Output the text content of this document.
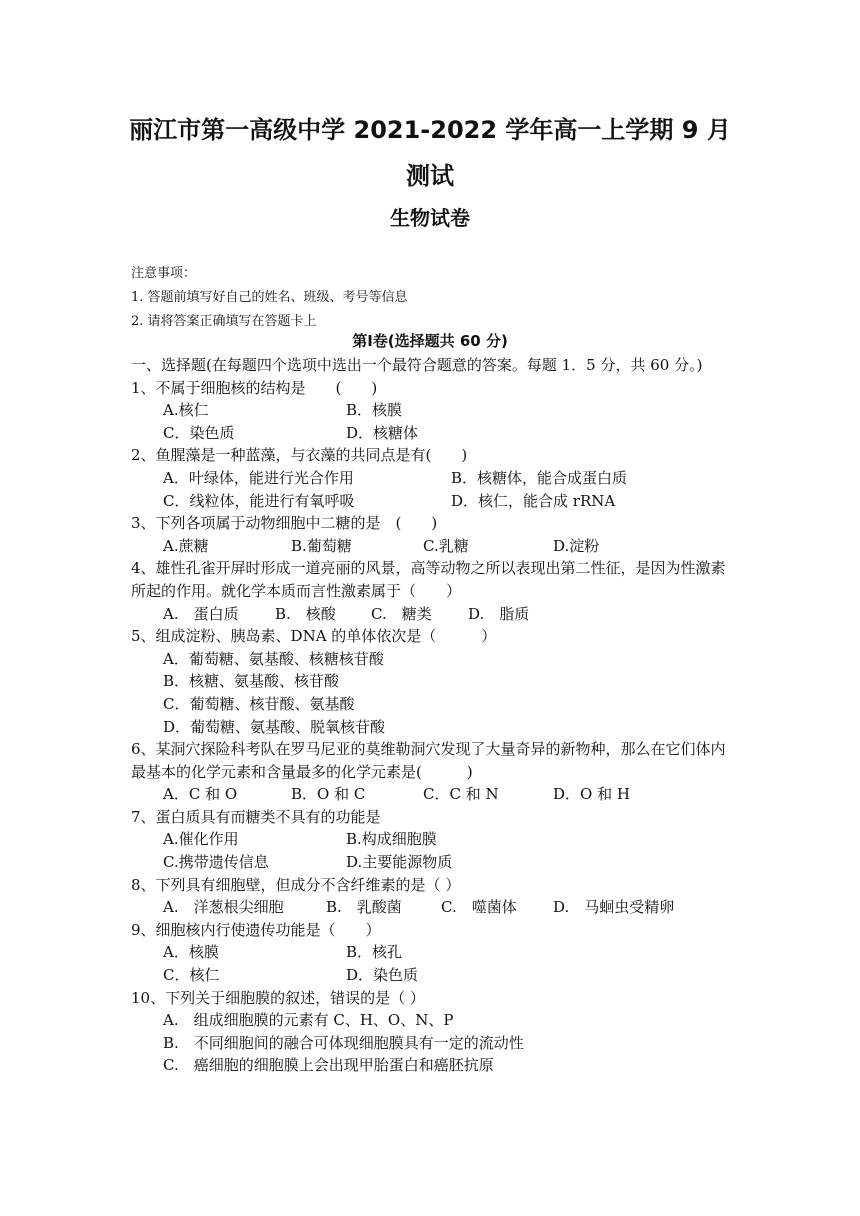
丽江市第一高级中学 2021-2022 学年高一上学期 9 月测试
生物试卷
注意事项：
1. 答题前填写好自己的姓名、班级、考号等信息
2. 请将答案正确填写在答题卡上
第Ⅰ卷(选择题共 60 分)
一、选择题(在每题四个选项中选出一个最符合题意的答案。每题 1．5 分，共 60 分。)
1、不属于细胞核的结构是　　(　　)
A.核仁	B．核膜
C．染色质	D．核糖体
2、鱼腥藻是一种蓝藻，与衣藻的共同点是有(　　)
A．叶绿体，能进行光合作用	B．核糖体，能合成蛋白质
C．线粒体，能进行有氧呼吸	D．核仁，能合成 rRNA
3、下列各项属于动物细胞中二糖的是　(　　)
A.蔗糖	B.葡萄糖	C.乳糖	D.淀粉
4、雄性孔雀开屏时形成一道亮丽的风景，高等动物之所以表现出第二性征，是因为性激素所起的作用。就化学本质而言性激素属于（　　）
A.　蛋白质 B.　核酸 C.　糖类 D.　脂质
5、组成淀粉、胰岛素、DNA 的单体依次是（　　　）
A．葡萄糖、氨基酸、核糖核苷酸
B．核糖、氨基酸、核苷酸
C．葡萄糖、核苷酸、氨基酸
D．葡萄糖、氨基酸、脱氧核苷酸
6、某洞穴探险科考队在罗马尼亚的莫维勒洞穴发现了大量奇异的新物种，那么在它们体内最基本的化学元素和含量最多的化学元素是(　　　)
A．C 和 O	B．O 和 C	C．C 和 N	D．O 和 H
7、蛋白质具有而糖类不具有的功能是
A.催化作用	B.构成细胞膜
C.携带遗传信息	D.主要能源物质
8、下列具有细胞壁，但成分不含纤维素的是（ ）
A.　洋葱根尖细胞	B.　乳酸菌	C.　噬菌体 D.　马蛔虫受精卵
9、细胞核内行使遗传功能是（　　）
A．核膜	B．核孔
C．核仁	D．染色质
10、下列关于细胞膜的叙述，错误的是（ ）
A.　组成细胞膜的元素有 C、H、O、N、P
B.　不同细胞间的融合可体现细胞膜具有一定的流动性
C.　癌细胞的细胞膜上会出现甲胎蛋白和癌胚抗原
